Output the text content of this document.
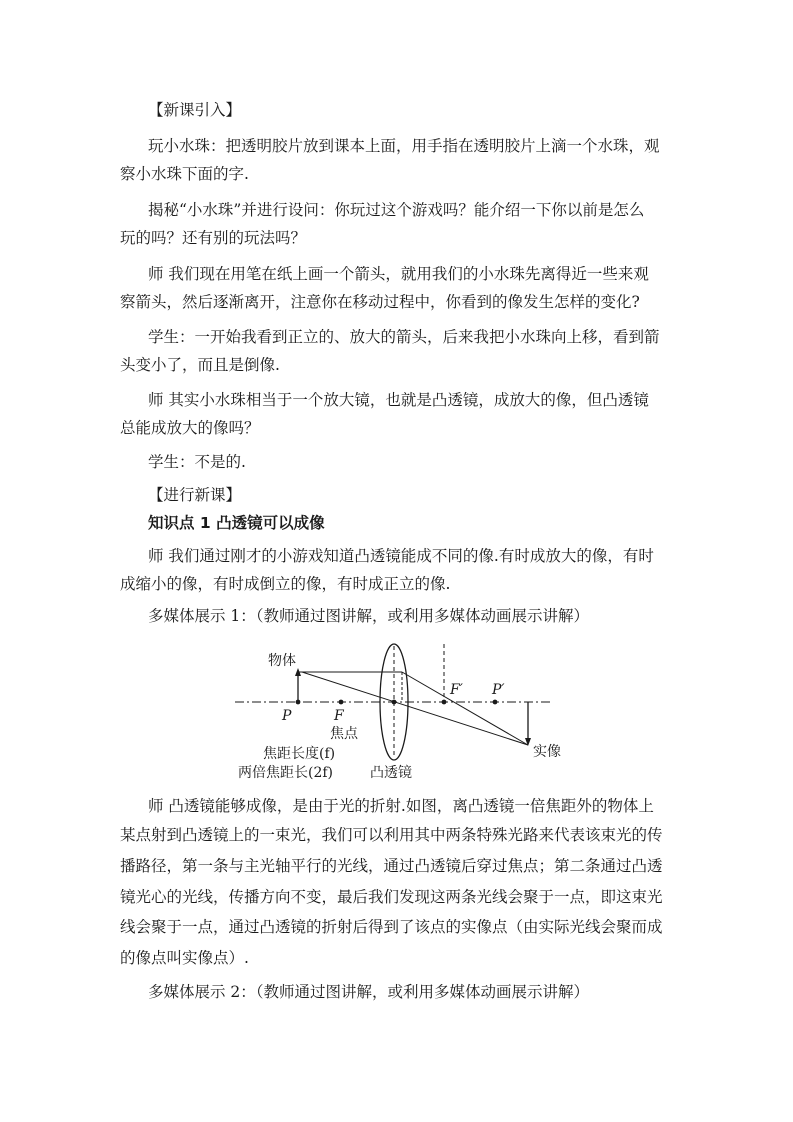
【新课引入】
玩小水珠：把透明胶片放到课本上面，用手指在透明胶片上滴一个水珠，观
察小水珠下面的字.
揭秘“小水珠”并进行设问：你玩过这个游戏吗？能介绍一下你以前是怎么
玩的吗？还有别的玩法吗？
师 我们现在用笔在纸上画一个箭头，就用我们的小水珠先离得近一些来观
察箭头，然后逐渐离开，注意你在移动过程中，你看到的像发生怎样的变化?
学生：一开始我看到正立的、放大的箭头，后来我把小水珠向上移，看到箭
头变小了，而且是倒像.
师 其实小水珠相当于一个放大镜，也就是凸透镜，成放大的像，但凸透镜
总能成放大的像吗？
学生：不是的.
【进行新课】
知识点 1 凸透镜可以成像
师 我们通过刚才的小游戏知道凸透镜能成不同的像.有时成放大的像，有时
成缩小的像，有时成倒立的像，有时成正立的像.
多媒体展示 1：（教师通过图讲解，或利用多媒体动画展示讲解）
物体
F′ P′
P	F
焦点
焦距长度(f)
两倍焦距长(2f)	凸透镜
实像
师 凸透镜能够成像，是由于光的折射.如图，离凸透镜一倍焦距外的物体上
某点射到凸透镜上的一束光，我们可以利用其中两条特殊光路来代表该束光的传
播路径，第一条与主光轴平行的光线，通过凸透镜后穿过焦点；第二条通过凸透
镜光心的光线，传播方向不变，最后我们发现这两条光线会聚于一点，即这束光
线会聚于一点，通过凸透镜的折射后得到了该点的实像点（由实际光线会聚而成
的像点叫实像点）.
多媒体展示 2：（教师通过图讲解，或利用多媒体动画展示讲解）
